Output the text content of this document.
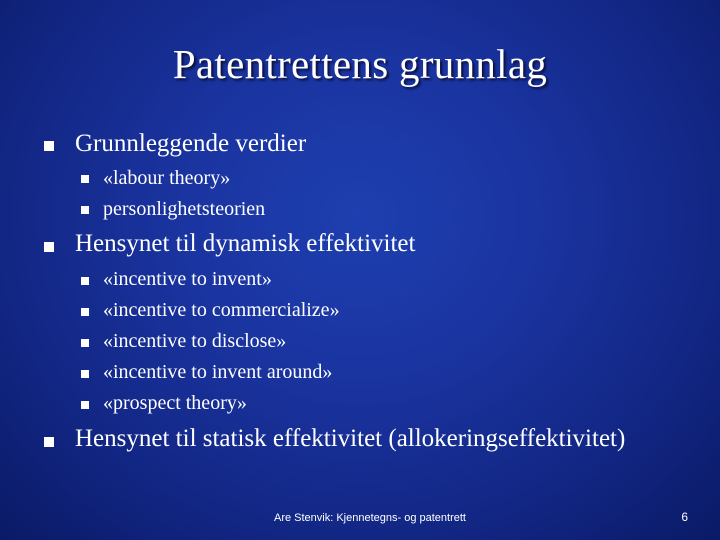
Patentrettens grunnlag
Grunnleggende verdier
«labour theory»
personlighetsteorien
Hensynet til dynamisk effektivitet
«incentive to invent»
«incentive to commercialize»
«incentive to disclose»
«incentive to invent around»
«prospect theory»
Hensynet til statisk effektivitet (allokeringseffektivitet)
Are Stenvik: Kjennetegns- og patentrett	6
